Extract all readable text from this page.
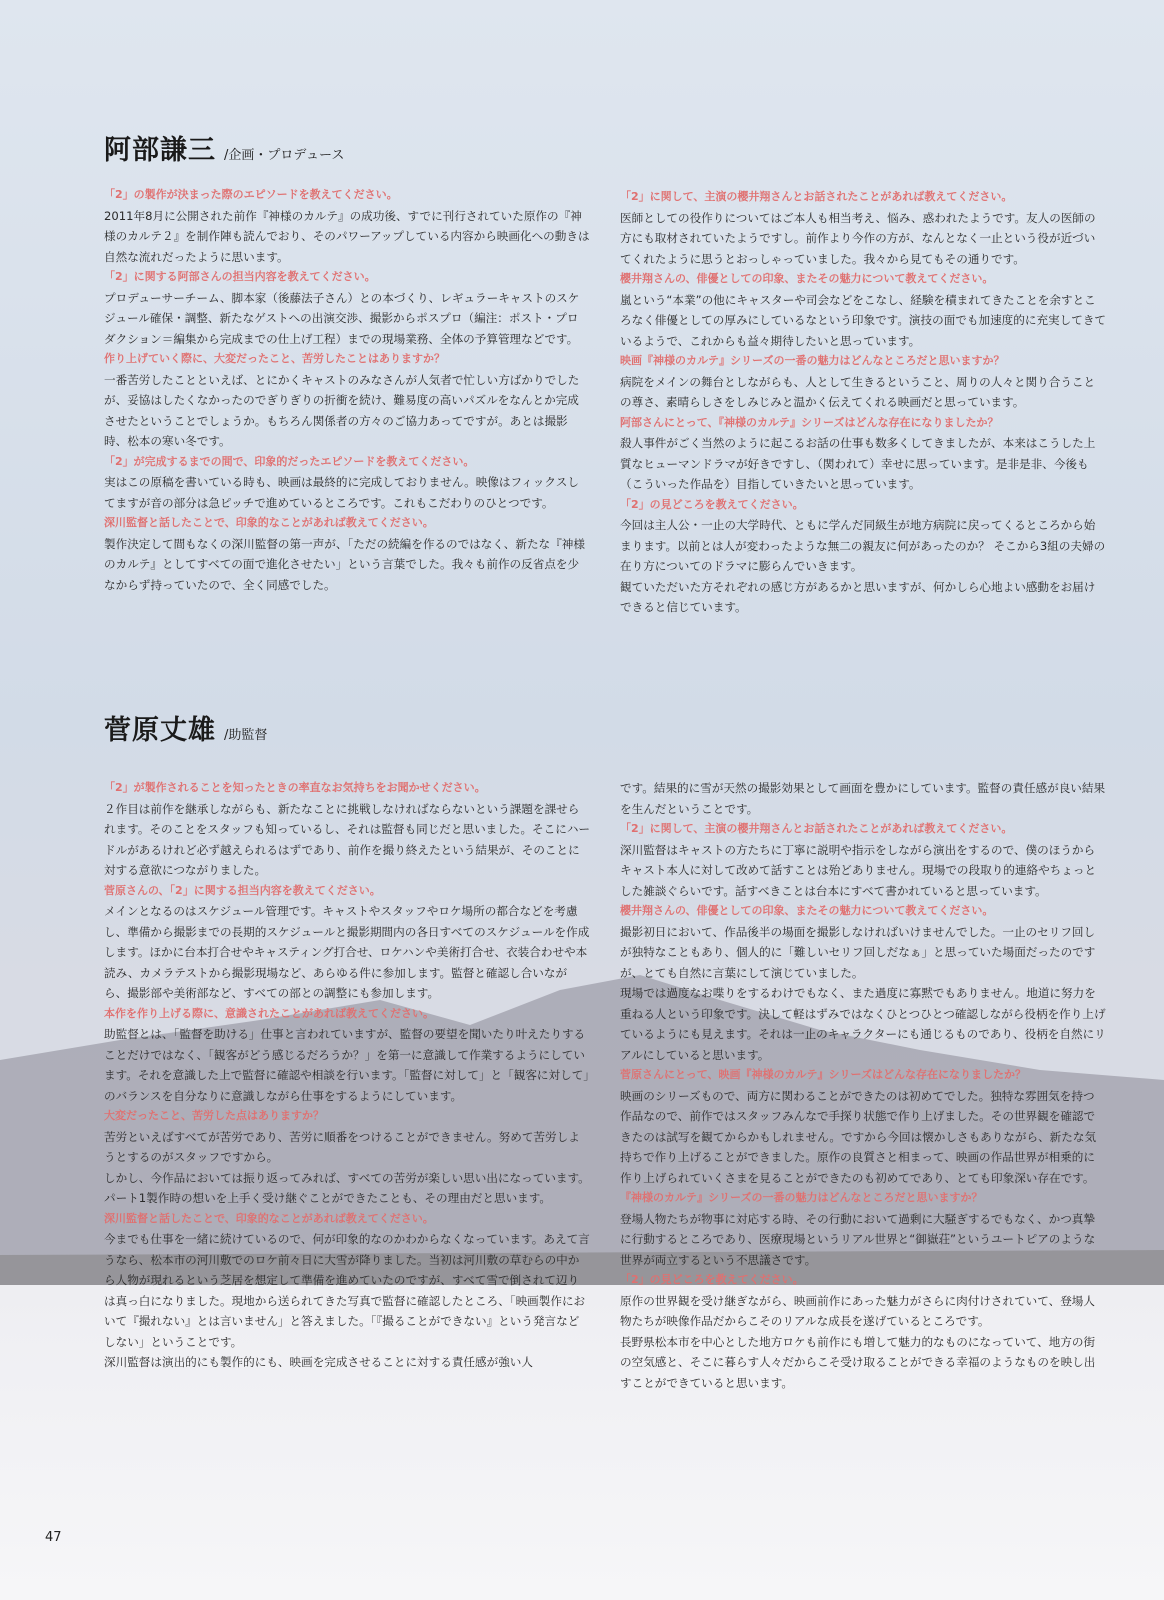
阿部謙三 /企画・プロデュース

「2」の製作が決まった際のエピソードを教えてください。

2011年8月に公開された前作『神様のカルテ』の成功後、すでに刊行されていた原作の『神様のカルテ２』を制作陣も読んでおり、そのパワーアップしている内容から映画化への動きは自然な流れだったように思います。

「2」に関する阿部さんの担当内容を教えてください。

プロデューサーチーム、脚本家（後藤法子さん）との本づくり、レギュラーキャストのスケジュール確保・調整、新たなゲストへの出演交渉、撮影からポスプロ（編注：ポスト・プロダクション＝編集から完成までの仕上げ工程）までの現場業務、全体の予算管理などです。

作り上げていく際に、大変だったこと、苦労したことはありますか？

一番苦労したことといえば、とにかくキャストのみなさんが人気者で忙しい方ばかりでしたが、妥協はしたくなかったのでぎりぎりの折衝を続け、難易度の高いパズルをなんとか完成させたということでしょうか。もちろん関係者の方々のご協力あってですが。あとは撮影時、松本の寒い冬です。

「2」が完成するまでの間で、印象的だったエピソードを教えてください。

実はこの原稿を書いている時も、映画は最終的に完成しておりません。映像はフィックスしてますが音の部分は急ピッチで進めているところです。これもこだわりのひとつです。

深川監督と話したことで、印象的なことがあれば教えてください。

製作決定して間もなくの深川監督の第一声が、「ただの続編を作るのではなく、新たな『神様のカルテ』としてすべての面で進化させたい」という言葉でした。我々も前作の反省点を少なからず持っていたので、全く同感でした。

「2」に関して、主演の櫻井翔さんとお話されたことがあれば教えてください。

医師としての役作りについてはご本人も相当考え、悩み、惑われたようです。友人の医師の方にも取材されていたようですし。前作より今作の方が、なんとなく一止という役が近づいてくれたように思うとおっしゃっていました。我々から見てもその通りです。

櫻井翔さんの、俳優としての印象、またその魅力について教えてください。

嵐という“本業”の他にキャスターや司会などをこなし、経験を積まれてきたことを余すところなく俳優としての厚みにしているなという印象です。演技の面でも加速度的に充実してきているようで、これからも益々期待したいと思っています。

映画『神様のカルテ』シリーズの一番の魅力はどんなところだと思いますか？

病院をメインの舞台としながらも、人として生きるということ、周りの人々と関り合うことの尊さ、素晴らしさをしみじみと温かく伝えてくれる映画だと思っています。

阿部さんにとって、『神様のカルテ』シリーズはどんな存在になりましたか？

殺人事件がごく当然のように起こるお話の仕事も数多くしてきましたが、本来はこうした上質なヒューマンドラマが好きですし、（関われて）幸せに思っています。是非是非、今後も（こういった作品を）目指していきたいと思っています。

「2」の見どころを教えてください。

今回は主人公・一止の大学時代、ともに学んだ同級生が地方病院に戻ってくるところから始まります。以前とは人が変わったような無二の親友に何があったのか？ そこから3組の夫婦の在り方についてのドラマに膨らんでいきます。

観ていただいた方それぞれの感じ方があるかと思いますが、何かしら心地よい感動をお届けできると信じています。

菅原丈雄 /助監督

「2」が製作されることを知ったときの率直なお気持ちをお聞かせください。

２作目は前作を継承しながらも、新たなことに挑戦しなければならないという課題を課せられます。そのことをスタッフも知っているし、それは監督も同じだと思いました。そこにハードルがあるけれど必ず越えられるはずであり、前作を撮り終えたという結果が、そのことに対する意欲につながりました。

菅原さんの、「2」に関する担当内容を教えてください。

メインとなるのはスケジュール管理です。キャストやスタッフやロケ場所の都合などを考慮し、準備から撮影までの長期的スケジュールと撮影期間内の各日すべてのスケジュールを作成します。ほかに台本打合せやキャスティング打合せ、ロケハンや美術打合せ、衣装合わせや本読み、カメラテストから撮影現場など、あらゆる件に参加します。監督と確認し合いながら、撮影部や美術部など、すべての部との調整にも参加します。

本作を作り上げる際に、意識されたことがあれば教えてください。

助監督とは、「監督を助ける」仕事と言われていますが、監督の要望を聞いたり叶えたりすることだけではなく、「観客がどう感じるだろうか？」を第一に意識して作業するようにしています。それを意識した上で監督に確認や相談を行います。「監督に対して」と「観客に対して」のバランスを自分なりに意識しながら仕事をするようにしています。

大変だったこと、苦労した点はありますか？

苦労といえばすべてが苦労であり、苦労に順番をつけることができません。努めて苦労しようとするのがスタッフですから。

しかし、今作品においては振り返ってみれば、すべての苦労が楽しい思い出になっています。パート1製作時の想いを上手く受け継ぐことができたことも、その理由だと思います。

深川監督と話したことで、印象的なことがあれば教えてください。

今までも仕事を一緒に続けているので、何が印象的なのかわからなくなっています。あえて言うなら、松本市の河川敷でのロケ前々日に大雪が降りました。当初は河川敷の草むらの中から人物が現れるという芝居を想定して準備を進めていたのですが、すべて雪で倒されて辺りは真っ白になりました。現地から送られてきた写真で監督に確認したところ、「映画製作において『撮れない』とは言いません」と答えました。「『撮ることができない』という発言などしない」ということです。

深川監督は演出的にも製作的にも、映画を完成させることに対する責任感が強い人

です。結果的に雪が天然の撮影効果として画面を豊かにしています。監督の責任感が良い結果を生んだということです。

「2」に関して、主演の櫻井翔さんとお話されたことがあれば教えてください。

深川監督はキャストの方たちに丁寧に説明や指示をしながら演出をするので、僕のほうからキャスト本人に対して改めて話すことは殆どありません。現場での段取り的連絡やちょっとした雑談ぐらいです。話すべきことは台本にすべて書かれていると思っています。

櫻井翔さんの、俳優としての印象、またその魅力について教えてください。

撮影初日において、作品後半の場面を撮影しなければいけませんでした。一止のセリフ回しが独特なこともあり、個人的に「難しいセリフ回しだなぁ」と思っていた場面だったのですが、とても自然に言葉にして演じていました。

現場では過度なお喋りをするわけでもなく、また過度に寡黙でもありません。地道に努力を重ねる人という印象です。決して軽はずみではなくひとつひとつ確認しながら役柄を作り上げているようにも見えます。それは一止のキャラクターにも通じるものであり、役柄を自然にリアルにしていると思います。

菅原さんにとって、映画『神様のカルテ』シリーズはどんな存在になりましたか？

映画のシリーズもので、両方に関わることができたのは初めてでした。独特な雰囲気を持つ作品なので、前作ではスタッフみんなで手探り状態で作り上げました。その世界観を確認できたのは試写を観てからかもしれません。ですから今回は懐かしさもありながら、新たな気持ちで作り上げることができました。原作の良質さと相まって、映画の作品世界が相乗的に作り上げられていくさまを見ることができたのも初めてであり、とても印象深い存在です。

『神様のカルテ』シリーズの一番の魅力はどんなところだと思いますか？

登場人物たちが物事に対応する時、その行動において過剰に大騒ぎするでもなく、かつ真摯に行動するところであり、医療現場というリアル世界と“御嶽荘”というユートピアのような世界が両立するという不思議さです。

「2」の見どころを教えてください。

原作の世界観を受け継ぎながら、映画前作にあった魅力がさらに肉付けされていて、登場人物たちが映像作品だからこそのリアルな成長を遂げているところです。

長野県松本市を中心とした地方ロケも前作にも増して魅力的なものになっていて、地方の街の空気感と、そこに暮らす人々だからこそ受け取ることができる幸福のようなものを映し出すことができていると思います。

47
